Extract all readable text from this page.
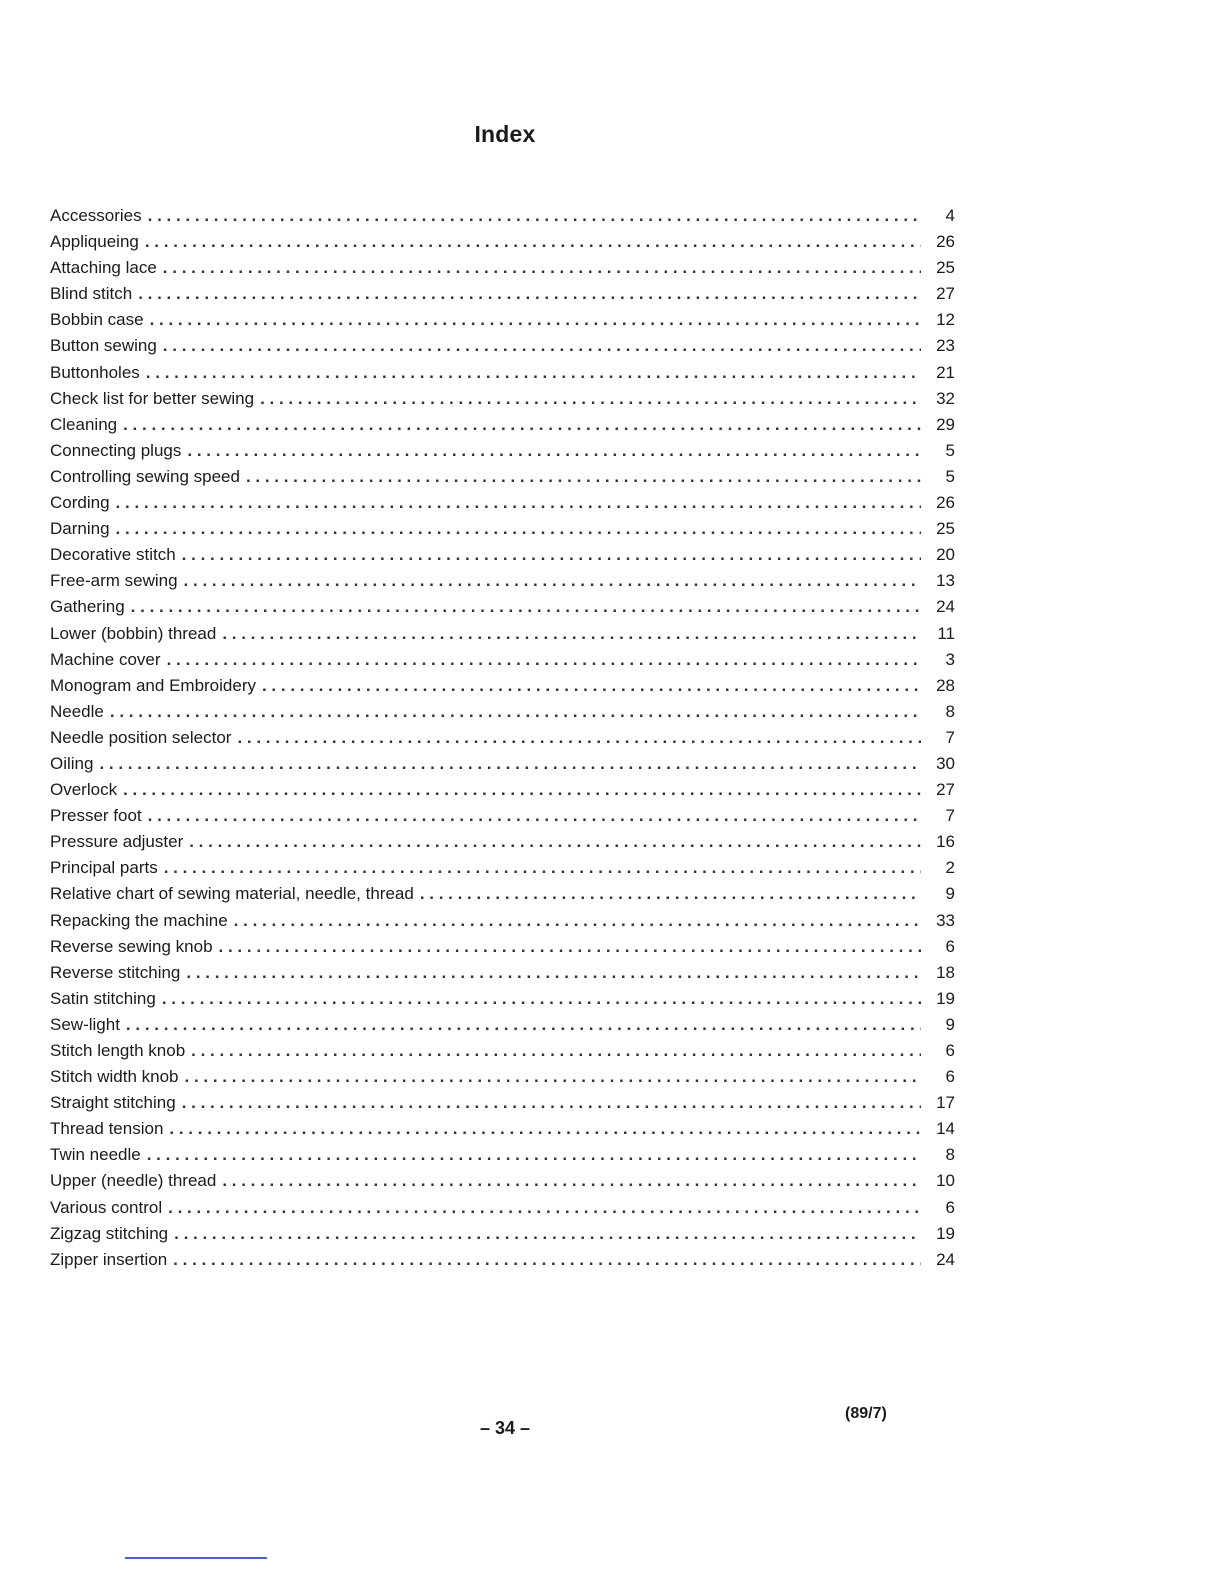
Index
Accessories . . .	4
Appliqueing . . .	26
Attaching lace . . .	25
Blind stitch . . .	27
Bobbin case . . .	12
Button sewing . . .	23
Buttonholes . . .	21
Check list for better sewing . . .	32
Cleaning . . .	29
Connecting plugs . . .	5
Controlling sewing speed . . .	5
Cording . . .	26
Darning . . .	25
Decorative stitch . . .	20
Free-arm sewing . . .	13
Gathering . . .	24
Lower (bobbin) thread . . .	11
Machine cover . . .	3
Monogram and Embroidery . . .	28
Needle . . .	8
Needle position selector . . .	7
Oiling . . .	30
Overlock . . .	27
Presser foot . . .	7
Pressure adjuster . . .	16
Principal parts . . .	2
Relative chart of sewing material, needle, thread . . .	9
Repacking the machine . . .	33
Reverse sewing knob . . .	6
Reverse stitching . . .	18
Satin stitching . . .	19
Sew-light . . .	9
Stitch length knob . . .	6
Stitch width knob . . .	6
Straight stitching . . .	17
Thread tension . . .	14
Twin needle . . .	8
Upper (needle) thread . . .	10
Various control . . .	6
Zigzag stitching . . .	19
Zipper insertion . . .	24
– 34 –
(89/7)
